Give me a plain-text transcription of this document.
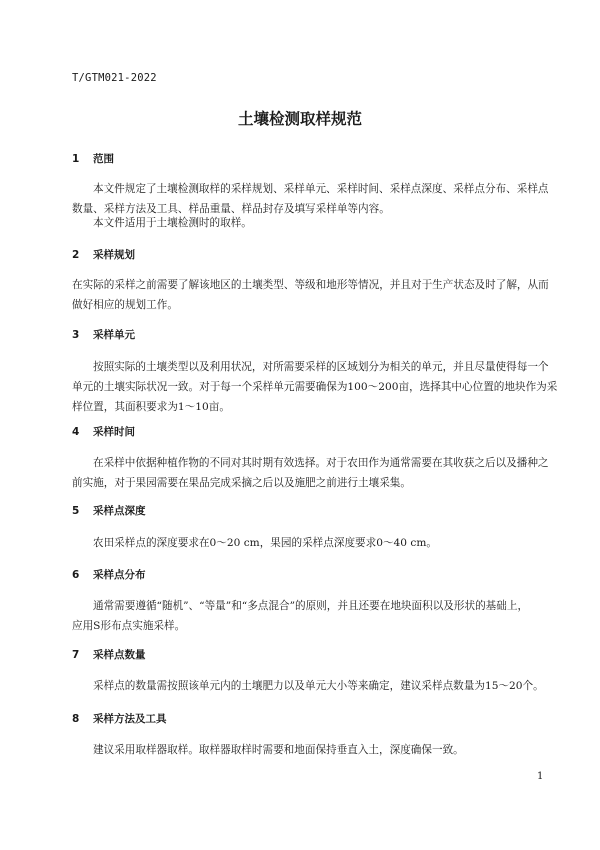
T/GTM021-2022
土壤检测取样规范
1 范围

本文件规定了土壤检测取样的采样规划、采样单元、采样时间、采样点深度、采样点分布、采样点
数量、采样方法及工具、样品重量、样品封存及填写采样单等内容。

本文件适用于土壤检测时的取样。

2 采样规划

在实际的采样之前需要了解该地区的土壤类型、等级和地形等情况，并且对于生产状态及时了解，从而
做好相应的规划工作。

3 采样单元

按照实际的土壤类型以及利用状况，对所需要采样的区域划分为相关的单元，并且尽量使得每一个
单元的土壤实际状况一致。对于每一个采样单元需要确保为100～200亩，选择其中心位置的地块作为采
样位置，其面积要求为1～10亩。

4 采样时间

在采样中依据种植作物的不同对其时期有效选择。对于农田作为通常需要在其收获之后以及播种之
前实施，对于果园需要在果品完成采摘之后以及施肥之前进行土壤采集。

5 采样点深度

农田采样点的深度要求在0～20 cm，果园的采样点深度要求0～40 cm。

6 采样点分布

通常需要遵循“随机”、“等量”和“多点混合”的原则，并且还要在地块面积以及形状的基础上，
应用S形布点实施采样。

7 采样点数量

采样点的数量需按照该单元内的土壤肥力以及单元大小等来确定，建议采样点数量为15～20个。

8 采样方法及工具

建议采用取样器取样。取样器取样时需要和地面保持垂直入土，深度确保一致。

1
